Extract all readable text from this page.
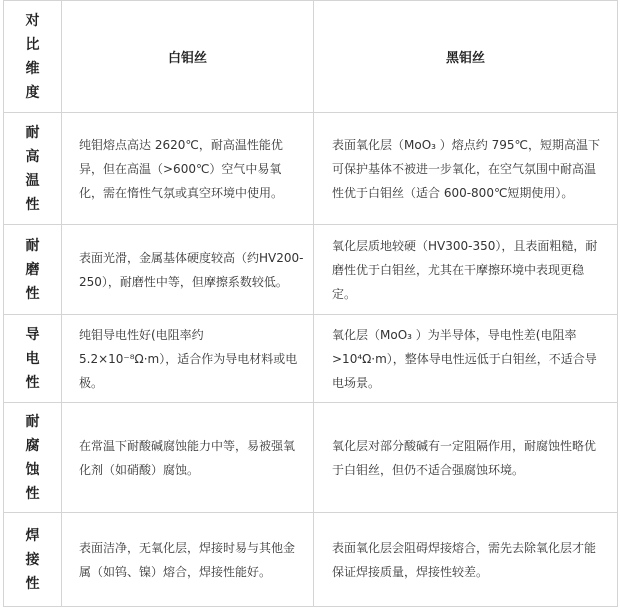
对比维度	白钼丝	黑钼丝

耐高温性	纯钼熔点高达 2620℃，耐高温性能优异，但在高温（>600℃）空气中易氧化，需在惰性气氛或真空环境中使用。	表面氧化层（MoO₃ ）熔点约 795℃，短期高温下可保护基体不被进一步氧化，在空气氛围中耐高温性优于白钼丝（适合 600-800℃短期使用）。

耐磨性	表面光滑，金属基体硬度较高（约HV200-250），耐磨性中等，但摩擦系数较低。	氧化层质地较硬（HV300-350），且表面粗糙，耐磨性优于白钼丝，尤其在干摩擦环境中表现更稳定。

导电性	纯钼导电性好(电阻率约 5.2×10⁻⁸Ω·m），适合作为导电材料或电极。	氧化层（MoO₃ ）为半导体，导电性差(电阻率 >10⁴Ω·m），整体导电性远低于白钼丝，不适合导电场景。

耐腐蚀性	在常温下耐酸碱腐蚀能力中等，易被强氧化剂（如硝酸）腐蚀。	氧化层对部分酸碱有一定阻隔作用，耐腐蚀性略优于白钼丝，但仍不适合强腐蚀环境。

焊接性	表面洁净，无氧化层，焊接时易与其他金属（如钨、镍）熔合，焊接性能好。	表面氧化层会阻碍焊接熔合，需先去除氧化层才能保证焊接质量，焊接性较差。
